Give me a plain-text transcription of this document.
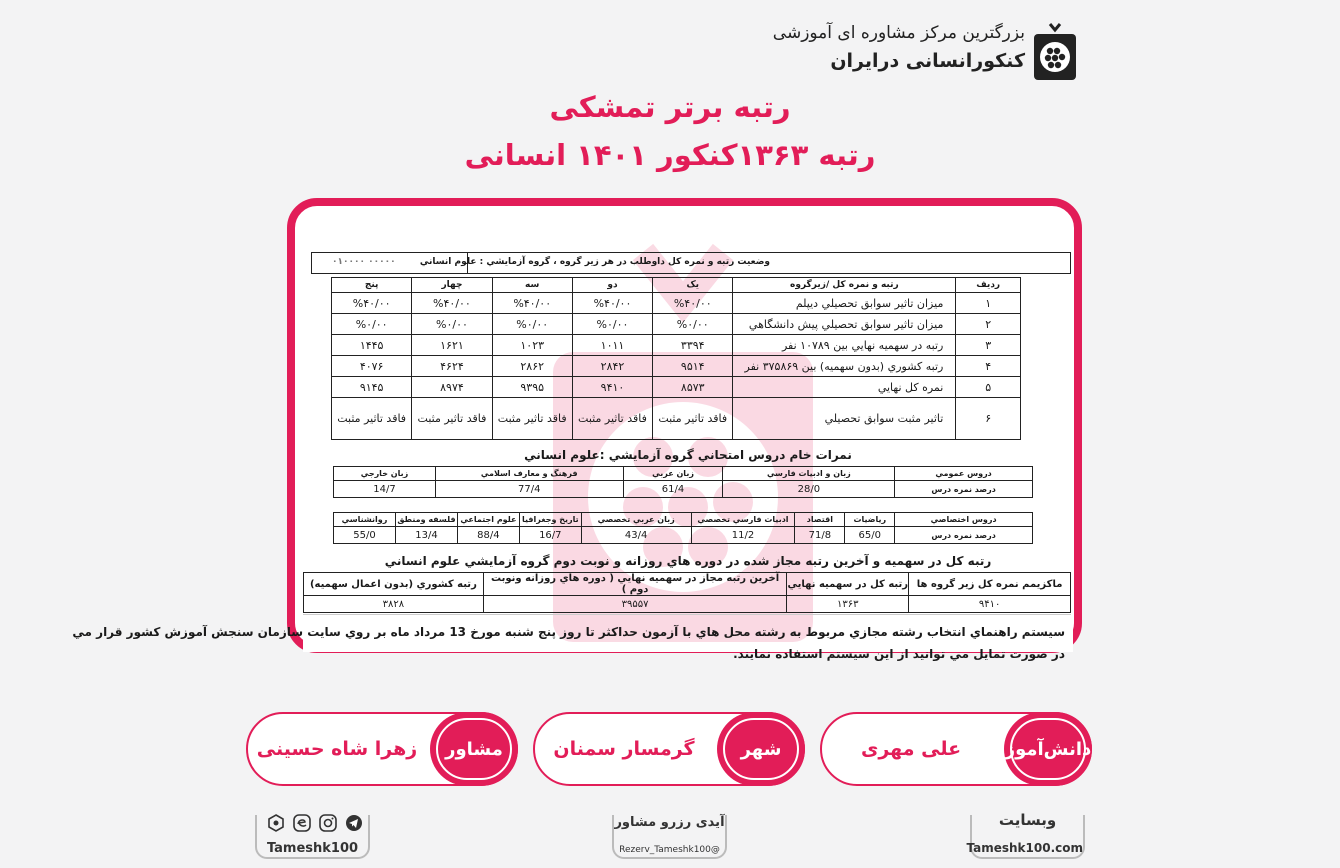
بزرگترین مرکز مشاوره ای آموزشی
کنکورانسانی درایران
رتبه برتر تمشکی
رتبه ۱۳۶۳کنکور ۱۴۰۱ انسانی
۰۰۰۰۰ ۰۱۰۰۰۰	وضعيت رتبه و نمره کل داوطلب در هر زير گروه ، گروه آزمايشي : علوم انساني
رديف	رتبه و نمره کل /زيرگروه	يک	دو	سه	چهار	پنج
۱	ميزان تاثير سوابق تحصيلي ديپلم	%۴۰/۰۰	%۴۰/۰۰	%۴۰/۰۰	%۴۰/۰۰	%۴۰/۰۰
۲	ميزان تاثير سوابق تحصيلي پيش دانشگاهي	%۰/۰۰	%۰/۰۰	%۰/۰۰	%۰/۰۰	%۰/۰۰
۳	رتبه در سهميه نهايي بين ۱۰۷۸۹ نفر	۳۳۹۴	۱۰۱۱	۱۰۲۳	۱۶۲۱	۱۴۴۵
۴	رتبه کشوري (بدون سهميه) بين ۳۷۵۸۶۹ نفر	۹۵۱۴	۲۸۴۲	۲۸۶۲	۴۶۲۴	۴۰۷۶
۵	نمره کل نهايي	۸۵۷۳	۹۴۱۰	۹۳۹۵	۸۹۷۴	۹۱۴۵
۶	تاثير مثبت سوابق تحصيلي	فاقد تاثير مثبت	فاقد تاثير مثبت	فاقد تاثير مثبت	فاقد تاثير مثبت	فاقد تاثير مثبت
نمرات خام دروس امتحاني گروه آزمايشي :علوم انساني
دروس عمومي	زبان و ادبيات فارسي	زبان عربي	فرهنگ و معارف اسلامي	زبان خارجي
درصد نمره درس	28/0	61/4	77/4	14/7
دروس اختصاصي	رياضيات	اقتصاد	ادبيات فارسي تخصصي	زبان عربي تخصصي	تاريخ وجغرافيا	علوم اجتماعي	فلسفه ومنطق	روانشناسي
درصد نمره درس	65/0	71/8	11/2	43/4	16/7	88/4	13/4	55/0
رتبه کل در سهميه و آخرين رتبه مجاز شده در دوره هاي روزانه و نوبت دوم گروه آزمايشي علوم انساني
ماکزيمم نمره کل زير گروه ها	رتبه کل در سهميه نهايي	آخرين رتبه مجاز در سهميه نهايي ( دوره هاي روزانه ونوبت دوم )	رتبه کشوري (بدون اعمال سهميه)
۹۴۱۰	۱۳۶۳	۳۹۵۵۷	۳۸۲۸
سيستم راهنماي انتخاب رشته مجازي مربوط به رشته محل هاي با آزمون حداکثر تا روز پنج شنبه مورخ 13 مرداد ماه بر روي سايت سازمان سنجش آموزش کشور قرار مي
در صورت تمايل مي توانيد از اين سيستم استفاده نمايند.
دانش‌آموز
علی مهری
شهر
گرمسار سمنان
مشاور
زهرا شاه حسینی
وبسایت
Tameshk100.com
آیدی رزرو مشاور
@Rezerv_Tameshk100
Tameshk100
